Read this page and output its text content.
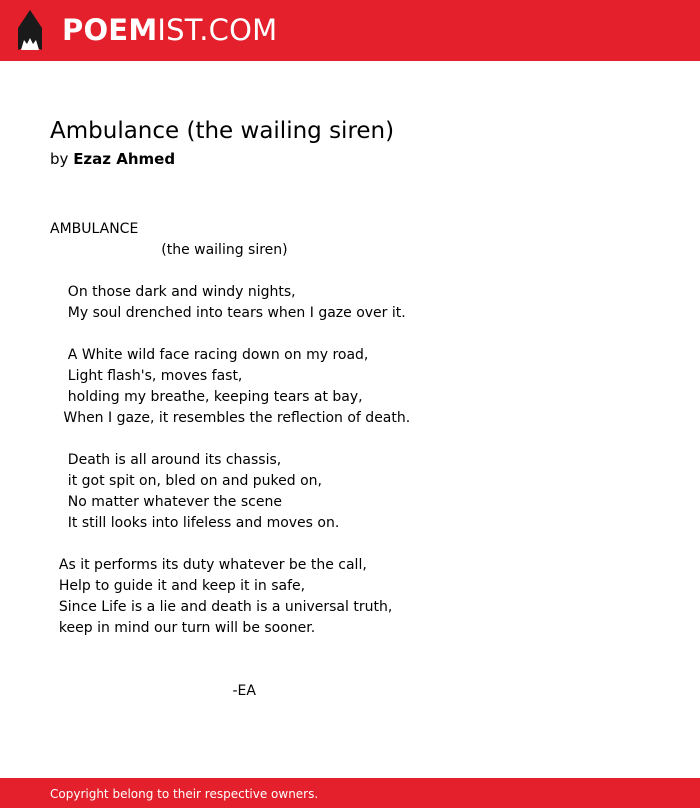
POEMIST.COM
Ambulance (the wailing siren)
by Ezaz Ahmed
AMBULANCE
(the wailing siren)
On those dark and windy nights,
My soul drenched into tears when I gaze over it.
A White wild face racing down on my road,
Light flash's, moves fast,
holding my breathe, keeping tears at bay,
When I gaze, it resembles the reflection of death.
Death is all around its chassis,
it got spit on, bled on and puked on,
No matter whatever the scene
It still looks into lifeless and moves on.
As it performs its duty whatever be the call,
Help to guide it and keep it in safe,
Since Life is a lie and death is a universal truth,
keep in mind our turn will be sooner.
-EA
Copyright belong to their respective owners.
